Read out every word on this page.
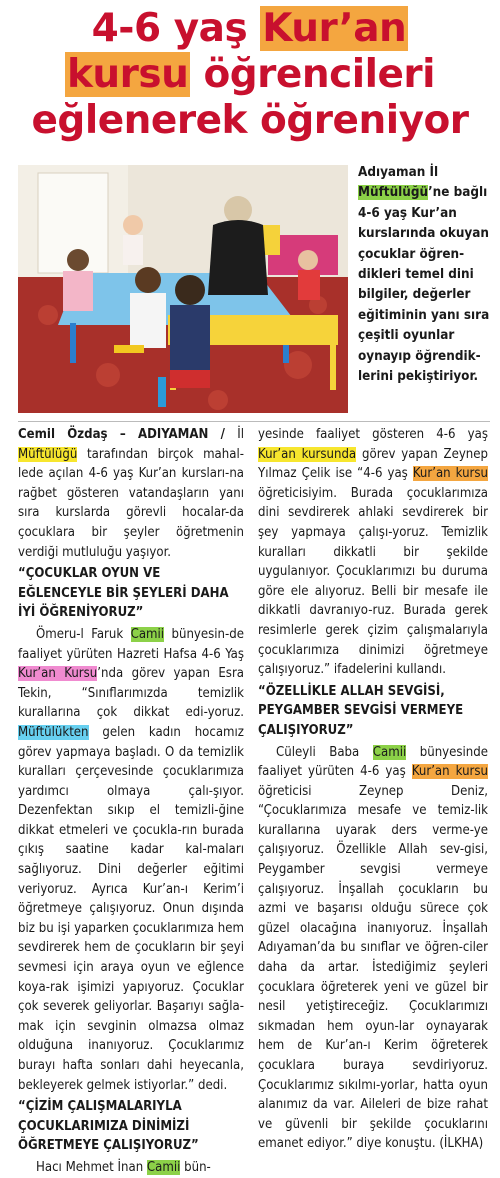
4-6 yaş Kur’an
kursu öğrencileri
eğlenerek öğreniyor
Adıyaman İl Müftülüğü’ne bağlı 4-6 yaş Kur’an kurslarında okuyan çocuklar öğren-dikleri temel dini bilgiler, değerler eğitiminin yanı sıra çeşitli oyunlar oynayıp öğrendik-lerini pekiştiriyor.

Cemil Özdaş – ADIYAMAN / İl Müftülüğü tarafından birçok mahal-lede açılan 4-6 yaş Kur’an kursları-na rağbet gösteren vatandaşların yanı sıra kurslarda görevli hocalar-da çocuklara bir şeyler öğretmenin verdiği mutluluğu yaşıyor.

“ÇOCUKLAR OYUN VE EĞLENCEYLE BİR ŞEYLERİ DAHA İYİ ÖĞRENİYORUZ”

Ömeru-l Faruk Camii bünyesin-de faaliyet yürüten Hazreti Hafsa 4-6 Yaş Kur’an Kursu’nda görev yapan Esra Tekin, “Sınıflarımızda temizlik kurallarına çok dikkat edi-yoruz. Müftülükten gelen kadın hocamız görev yapmaya başladı. O da temizlik kuralları çerçevesinde çocuklarımıza yardımcı olmaya çalı-şıyor. Dezenfektan sıkıp el temizli-ğine dikkat etmeleri ve çocukla-rın burada çıkış saatine kadar kal-maları sağlıyoruz. Dini değerler eğitimi veriyoruz. Ayrıca Kur’an-ı Kerim’i öğretmeye çalışıyoruz. Onun dışında biz bu işi yaparken çocuklarımıza hem sevdirerek hem de çocukların bir şeyi sevmesi için araya oyun ve eğlence koya-rak işimizi yapıyoruz. Çocuklar çok severek geliyorlar. Başarıyı sağla-mak için sevginin olmazsa olmaz olduğuna inanıyoruz. Çocuklarımız burayı hafta sonları dahi heyecanla, bekleyerek gelmek istiyorlar.” dedi.

“ÇİZİM ÇALIŞMALARIYLA ÇOCUKLARIMIZA DİNİMİZİ ÖĞRETMEYE ÇALIŞIYORUZ”

Hacı Mehmet İnan Camii bün-

yesinde faaliyet gösteren 4-6 yaş Kur’an kursunda görev yapan Zeynep Yılmaz Çelik ise “4-6 yaş Kur’an kursu öğreticisiyim. Burada çocuklarımıza dini sevdirerek ahlaki sevdirerek bir şey yapmaya çalışı-yoruz. Temizlik kuralları dikkatli bir şekilde uygulanıyor. Çocuklarımızı bu duruma göre ele alıyoruz. Belli bir mesafe ile dikkatli davranıyo-ruz. Burada gerek resimlerle gerek çizim çalışmalarıyla çocuklarımıza dinimizi öğretmeye çalışıyoruz.” ifadelerini kullandı.

“ÖZELLİKLE ALLAH SEVGİSİ, PEYGAMBER SEVGİSİ VERMEYE ÇALIŞIYORUZ”

Cüleyli Baba Camii bünyesinde faaliyet yürüten 4-6 yaş Kur’an kursu öğreticisi Zeynep Deniz, “Çocuklarımıza mesafe ve temiz-lik kurallarına uyarak ders verme-ye çalışıyoruz. Özellikle Allah sev-gisi, Peygamber sevgisi vermeye çalışıyoruz. İnşallah çocukların bu azmi ve başarısı olduğu sürece çok güzel olacağına inanıyoruz. İnşallah Adıyaman’da bu sınıflar ve öğren-ciler daha da artar. İstediğimiz şeyleri çocuklara öğreterek yeni ve güzel bir nesil yetiştireceğiz. Çocuklarımızı sıkmadan hem oyun-lar oynayarak hem de Kur’an-ı Kerim öğreterek çocuklara buraya sevdiriyoruz. Çocuklarımız sıkılmı-yorlar, hatta oyun alanımız da var. Aileleri de bize rahat ve güvenli bir şekilde çocuklarını emanet ediyor.” diye konuştu. (İLKHA)
